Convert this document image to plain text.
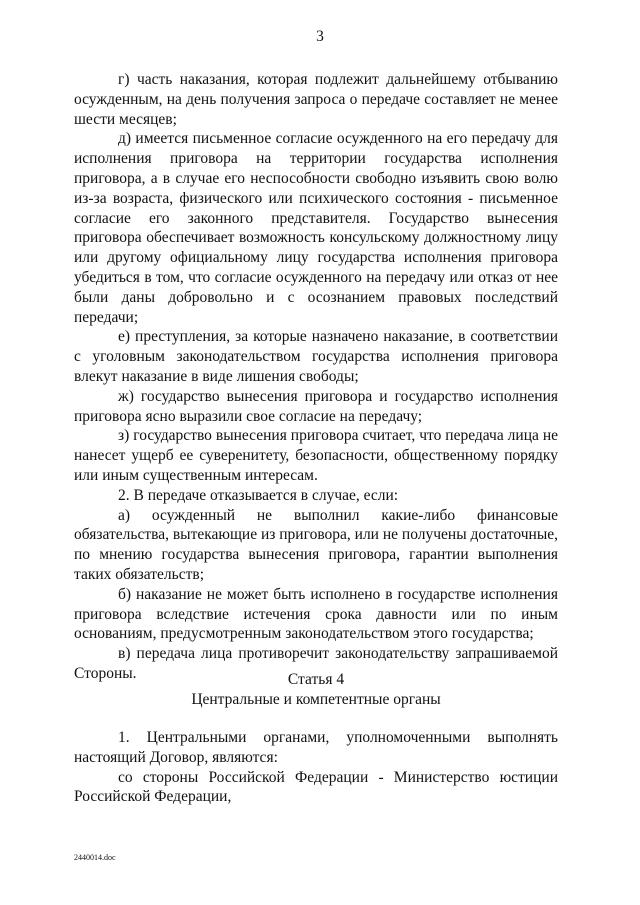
3

г) часть наказания, которая подлежит дальнейшему отбыванию осужденным, на день получения запроса о передаче составляет не менее шести месяцев;

д) имеется письменное согласие осужденного на его передачу для исполнения приговора на территории государства исполнения приговора, а в случае его неспособности свободно изъявить свою волю из-за возраста, физического или психического состояния - письменное согласие его законного представителя. Государство вынесения приговора обеспечивает возможность консульскому должностному лицу или другому официальному лицу государства исполнения приговора убедиться в том, что согласие осужденного на передачу или отказ от нее были даны добровольно и с осознанием правовых последствий передачи;

е) преступления, за которые назначено наказание, в соответствии с уголовным законодательством государства исполнения приговора влекут наказание в виде лишения свободы;

ж) государство вынесения приговора и государство исполнения приговора ясно выразили свое согласие на передачу;

з) государство вынесения приговора считает, что передача лица не нанесет ущерб ее суверенитету, безопасности, общественному порядку или иным существенным интересам.

2. В передаче отказывается в случае, если:

а) осужденный не выполнил какие-либо финансовые обязательства, вытекающие из приговора, или не получены достаточные, по мнению государства вынесения приговора, гарантии выполнения таких обязательств;

б) наказание не может быть исполнено в государстве исполнения приговора вследствие истечения срока давности или по иным основаниям, предусмотренным законодательством этого государства;

в) передача лица противоречит законодательству запрашиваемой Стороны.	Статья 4
Центральные и компетентные органы

1. Центральными органами, уполномоченными выполнять настоящий Договор, являются:

со стороны Российской Федерации - Министерство юстиции Российской Федерации,

2440014.doc
